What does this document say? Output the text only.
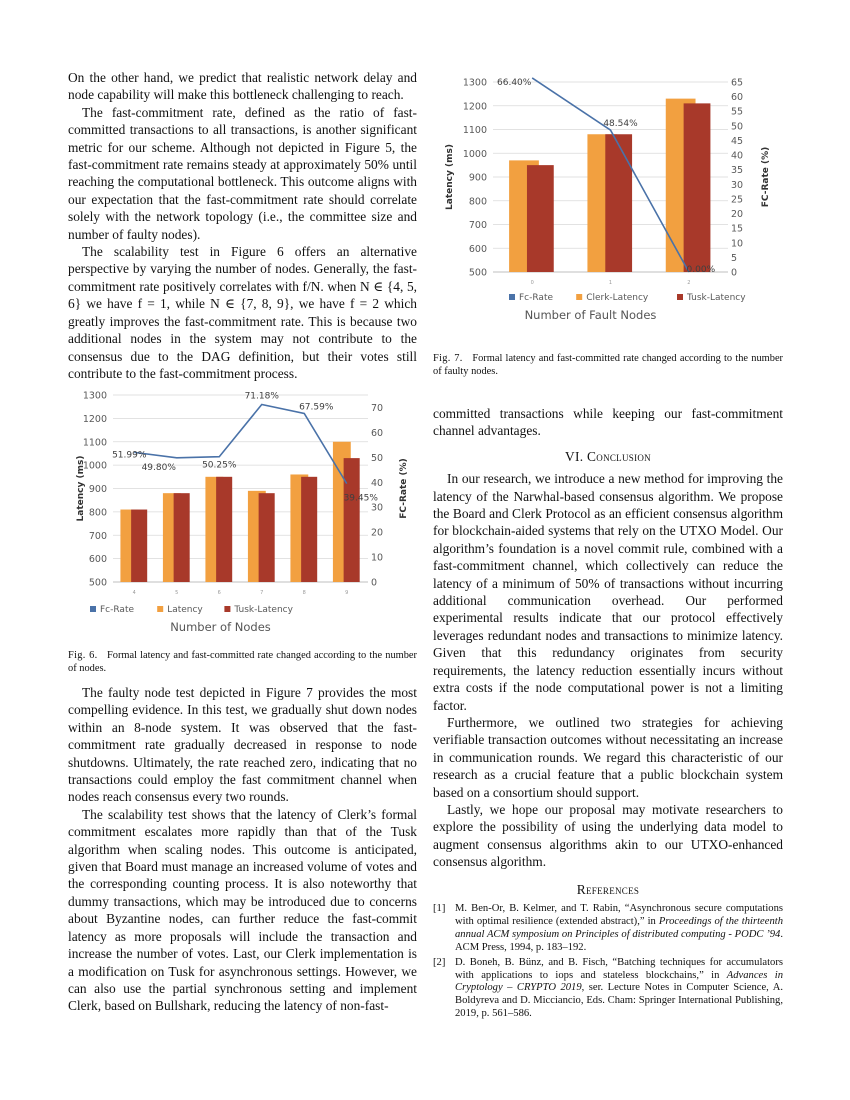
On the other hand, we predict that realistic network delay and node capability will make this bottleneck challenging to reach.

The fast-commitment rate, defined as the ratio of fast-committed transactions to all transactions, is another significant metric for our scheme. Although not depicted in Figure 5, the fast-commitment rate remains steady at approximately 50% until reaching the computational bottleneck. This outcome aligns with our expectation that the fast-commitment rate should correlate solely with the network topology (i.e., the committee size and number of faulty nodes).

The scalability test in Figure 6 offers an alternative perspective by varying the number of nodes. Generally, the fast-commitment rate positively correlates with f/N. when N ∈ {4, 5, 6} we have f = 1, while N ∈ {7, 8, 9}, we have f = 2 which greatly improves the fast-commitment rate. This is because two additional nodes in the system may not contribute to the consensus due to the DAG definition, but their votes still contribute to the fast-commitment process.

500
600
700
800
900
1000
1100
1200
1300
0
10
20
30
40
50
60
70
Latency (ms)	FC-Rate (%)
4	5	6	7	8	9
51.99%
49.80%	50.25%
71.18%
67.59%
39.45%
Fc-Rate	Latency	Tusk-Latency
Number of Nodes
Fig. 6. Formal latency and fast-committed rate changed according to the number of nodes.

The faulty node test depicted in Figure 7 provides the most compelling evidence. In this test, we gradually shut down nodes within an 8-node system. It was observed that the fast-commitment rate gradually decreased in response to node shutdowns. Ultimately, the rate reached zero, indicating that no transactions could employ the fast commitment channel when nodes reach consensus every two rounds.

The scalability test shows that the latency of Clerk’s formal commitment escalates more rapidly than that of the Tusk algorithm when scaling nodes. This outcome is anticipated, given that Board must manage an increased volume of votes and the corresponding counting process. It is also noteworthy that dummy transactions, which may be introduced due to concerns about Byzantine nodes, can further reduce the fast-commit latency as more proposals will include the transaction and increase the number of votes. Last, our Clerk implementation is a modification on Tusk for asynchronous settings. However, we can also use the partial synchronous setting and implement Clerk, based on Bullshark, reducing the latency of non-fast-

500
600
700
800
900
1000
1100
1200
1300
0
5
10
15
20
25
30
35
40
45
50
55
60
65
Latency (ms)	FC-Rate (%)
0	1	2
66.40%
48.54%
0.00%
Fc-Rate	Clerk-Latency	Tusk-Latency
Number of Fault Nodes
Fig. 7. Formal latency and fast-committed rate changed according to the number of faulty nodes.

committed transactions while keeping our fast-commitment channel advantages.

VI. Conclusion

In our research, we introduce a new method for improving the latency of the Narwhal-based consensus algorithm. We propose the Board and Clerk Protocol as an efficient consensus algorithm for blockchain-aided systems that rely on the UTXO Model. Our algorithm’s foundation is a novel commit rule, combined with a fast-commitment channel, which collectively can reduce the latency of a minimum of 50% of transactions without incurring additional communication overhead. Our performed experimental results indicate that our protocol effectively leverages redundant nodes and transactions to minimize latency. Given that this redundancy originates from security requirements, the latency reduction essentially incurs without extra costs if the node computational power is not a limiting factor.

Furthermore, we outlined two strategies for achieving verifiable transaction outcomes without necessitating an increase in communication rounds. We regard this characteristic of our research as a crucial feature that a public blockchain system based on a consortium should support.

Lastly, we hope our proposal may motivate researchers to explore the possibility of using the underlying data model to augment consensus algorithms akin to our UTXO-enhanced consensus algorithm.

References
[1] M. Ben-Or, B. Kelmer, and T. Rabin, “Asynchronous secure computations with optimal resilience (extended abstract),” in Proceedings of the thirteenth annual ACM symposium on Principles of distributed computing - PODC ’94. ACM Press, 1994, p. 183–192.
[2] D. Boneh, B. Bünz, and B. Fisch, “Batching techniques for accumulators with applications to iops and stateless blockchains,” in Advances in Cryptology – CRYPTO 2019, ser. Lecture Notes in Computer Science, A. Boldyreva and D. Micciancio, Eds. Cham: Springer International Publishing, 2019, p. 561–586.
